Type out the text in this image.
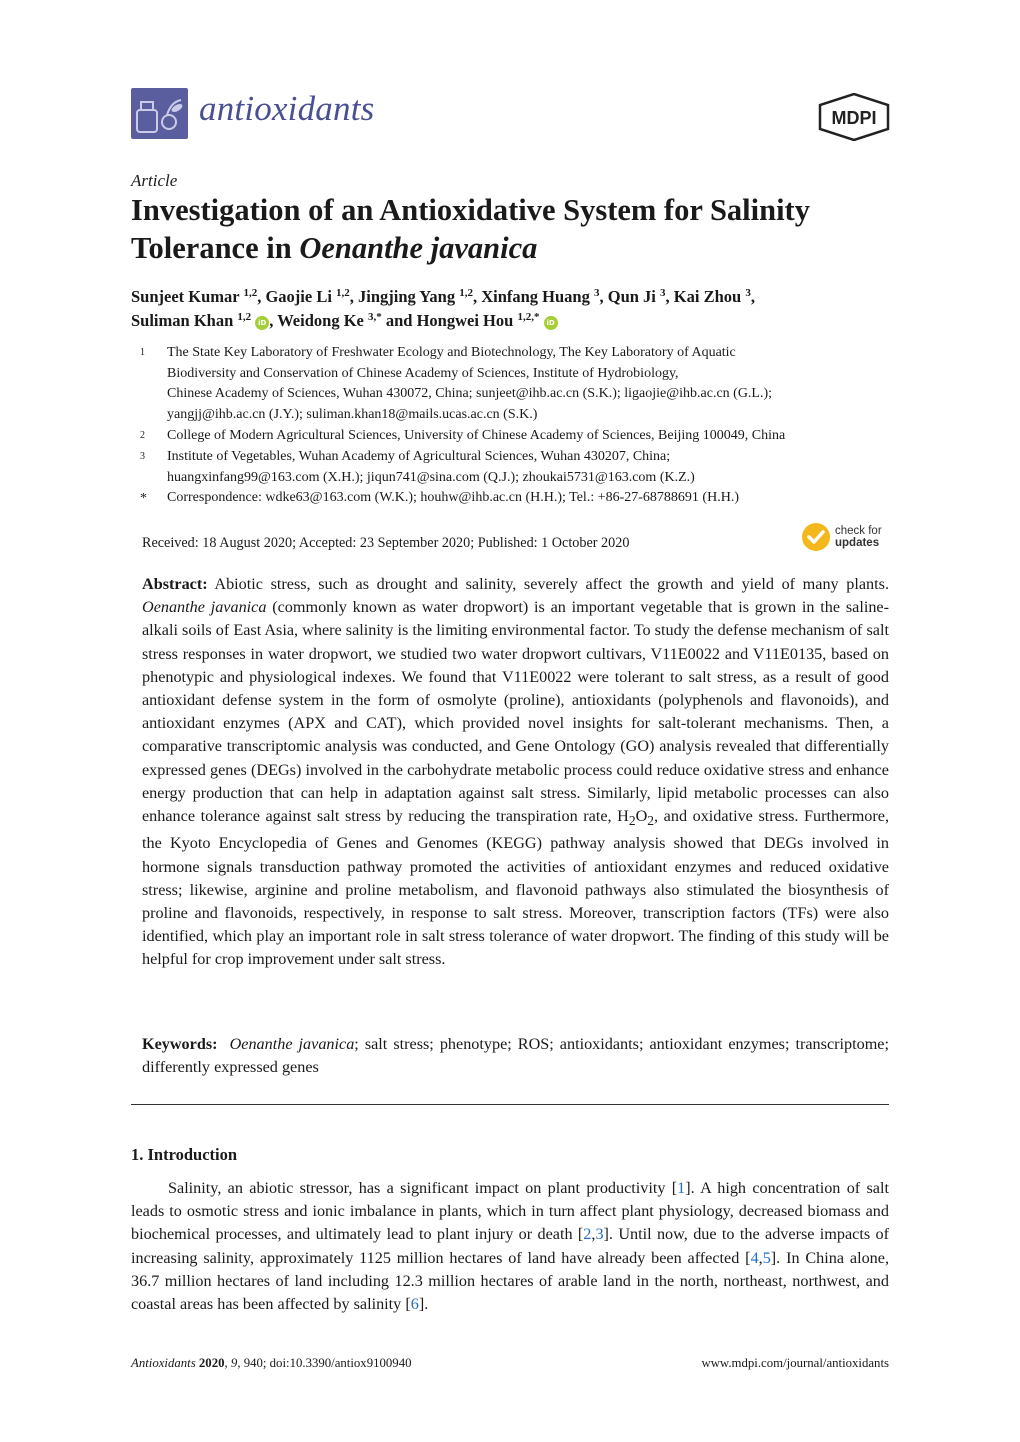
antioxidants	MDPI
Article
Investigation of an Antioxidative System for Salinity Tolerance in Oenanthe javanica
Sunjeet Kumar $^{1,2}$, Gaojie Li $^{1,2}$, Jingjing Yang $^{1,2}$, Xinfang Huang $^3$, Qun Ji $^3$, Kai Zhou $^3$,
Suliman Khan $^{1,2}$ iD , Weidong Ke $^{3,*}$ and Hongwei Hou $^{1,2,*}$ iD
1	The State Key Laboratory of Freshwater Ecology and Biotechnology, The Key Laboratory of Aquatic
Biodiversity and Conservation of Chinese Academy of Sciences, Institute of Hydrobiology,
Chinese Academy of Sciences, Wuhan 430072, China; sunjeet@ihb.ac.cn (S.K.); ligaojie@ihb.ac.cn (G.L.);
yangjj@ihb.ac.cn (J.Y.); suliman.khan18@mails.ucas.ac.cn (S.K.)
2	College of Modern Agricultural Sciences, University of Chinese Academy of Sciences, Beijing 100049, China
3	Institute of Vegetables, Wuhan Academy of Agricultural Sciences, Wuhan 430207, China;
huangxinfang99@163.com (X.H.); jiqun741@sina.com (Q.J.); zhoukai5731@163.com (K.Z.)
* Correspondence: wdke63@163.com (W.K.); houhw@ihb.ac.cn (H.H.); Tel.: +86-27-68788691 (H.H.)
Received: 18 August 2020; Accepted: 23 September 2020; Published: 1 October 2020
check for
updates
Abstract: Abiotic stress, such as drought and salinity, severely affect the growth and yield of many plants. Oenanthe javanica (commonly known as water dropwort) is an important vegetable that is grown in the saline-alkali soils of East Asia, where salinity is the limiting environmental factor. To study the defense mechanism of salt stress responses in water dropwort, we studied two water dropwort cultivars, V11E0022 and V11E0135, based on phenotypic and physiological indexes. We found that V11E0022 were tolerant to salt stress, as a result of good antioxidant defense system in the form of osmolyte (proline), antioxidants (polyphenols and flavonoids), and antioxidant enzymes (APX and CAT), which provided novel insights for salt-tolerant mechanisms. Then, a comparative transcriptomic analysis was conducted, and Gene Ontology (GO) analysis revealed that differentially expressed genes (DEGs) involved in the carbohydrate metabolic process could reduce oxidative stress and enhance energy production that can help in adaptation against salt stress. Similarly, lipid metabolic processes can also enhance tolerance against salt stress by reducing the transpiration rate, $H_2O_2$, and oxidative stress. Furthermore, the Kyoto Encyclopedia of Genes and Genomes (KEGG) pathway analysis showed that DEGs involved in hormone signals transduction pathway promoted the activities of antioxidant enzymes and reduced oxidative stress; likewise, arginine and proline metabolism, and flavonoid pathways also stimulated the biosynthesis of proline and flavonoids, respectively, in response to salt stress. Moreover, transcription factors (TFs) were also identified, which play an important role in salt stress tolerance of water dropwort. The finding of this study will be helpful for crop improvement under salt stress.
Keywords: Oenanthe javanica; salt stress; phenotype; ROS; antioxidants; antioxidant enzymes; transcriptome; differently expressed genes
1. Introduction
Salinity, an abiotic stressor, has a significant impact on plant productivity [1]. A high concentration of salt leads to osmotic stress and ionic imbalance in plants, which in turn affect plant physiology, decreased biomass and biochemical processes, and ultimately lead to plant injury or death [2,3]. Until now, due to the adverse impacts of increasing salinity, approximately 1125 million hectares of land have already been affected [4,5]. In China alone, 36.7 million hectares of land including 12.3 million hectares of arable land in the north, northeast, northwest, and coastal areas has been affected by salinity [6].
Antioxidants 2020, 9, 940; doi:10.3390/antiox9100940	www.mdpi.com/journal/antioxidants
